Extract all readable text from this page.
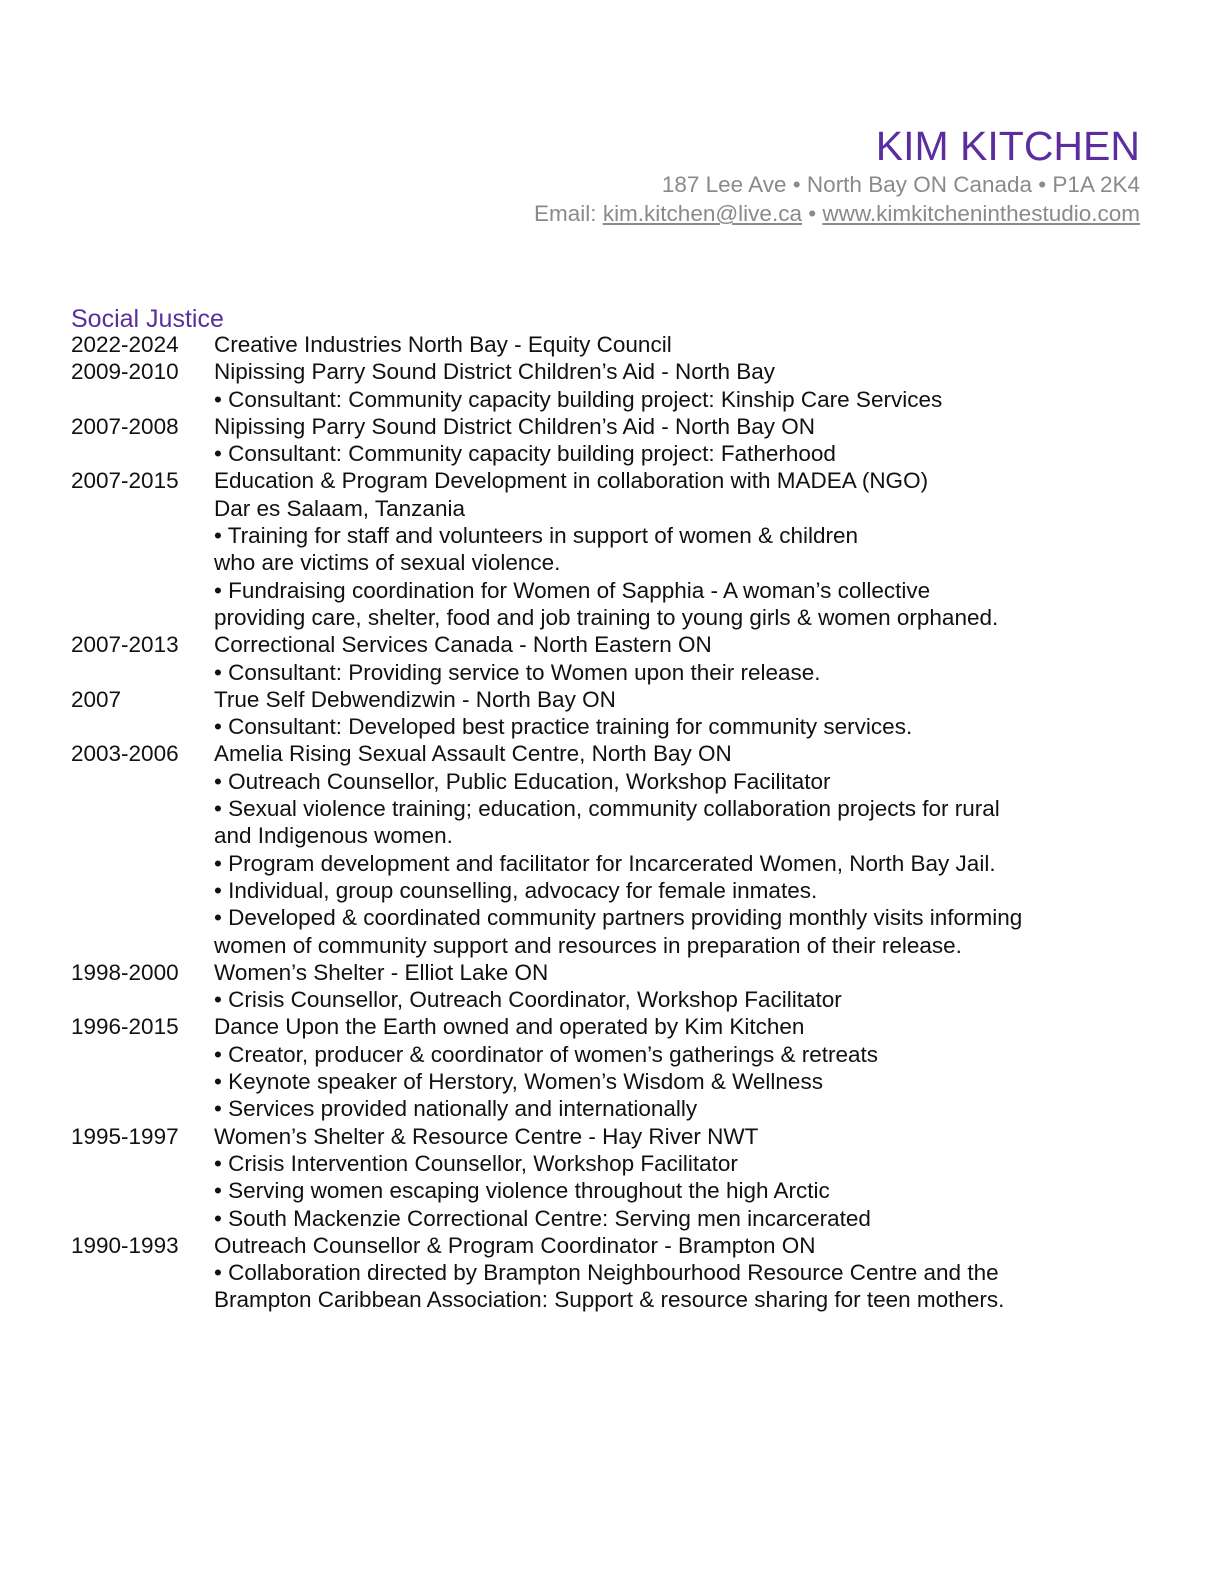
KIM KITCHEN
187 Lee Ave • North Bay ON Canada • P1A 2K4
Email: kim.kitchen@live.ca • www.kimkitcheninthestudio.com
Social Justice
2022-2024	Creative Industries North Bay - Equity Council
2009-2010	Nipissing Parry Sound District Children’s Aid - North Bay
• Consultant: Community capacity building project: Kinship Care Services
2007-2008	Nipissing Parry Sound District Children’s Aid - North Bay ON
• Consultant: Community capacity building project: Fatherhood
2007-2015	Education & Program Development in collaboration with MADEA (NGO)
Dar es Salaam, Tanzania
• Training for staff and volunteers in support of women & children
who are victims of sexual violence.
• Fundraising coordination for Women of Sapphia - A woman’s collective
providing care, shelter, food and job training to young girls & women orphaned.
2007-2013	Correctional Services Canada - North Eastern ON
• Consultant: Providing service to Women upon their release.
2007	True Self Debwendizwin - North Bay ON
• Consultant: Developed best practice training for community services.
2003-2006	Amelia Rising Sexual Assault Centre, North Bay ON
• Outreach Counsellor, Public Education, Workshop Facilitator
• Sexual violence training; education, community collaboration projects for rural
and Indigenous women.
• Program development and facilitator for Incarcerated Women, North Bay Jail.
• Individual, group counselling, advocacy for female inmates.
• Developed & coordinated community partners providing monthly visits informing
women of community support and resources in preparation of their release.
1998-2000	Women’s Shelter - Elliot Lake ON
• Crisis Counsellor, Outreach Coordinator, Workshop Facilitator
1996-2015	Dance Upon the Earth owned and operated by Kim Kitchen
• Creator, producer & coordinator of women’s gatherings & retreats
• Keynote speaker of Herstory, Women’s Wisdom & Wellness
• Services provided nationally and internationally
1995-1997	Women’s Shelter & Resource Centre - Hay River NWT
• Crisis Intervention Counsellor, Workshop Facilitator
• Serving women escaping violence throughout the high Arctic
• South Mackenzie Correctional Centre: Serving men incarcerated
1990-1993	Outreach Counsellor & Program Coordinator - Brampton ON
• Collaboration directed by Brampton Neighbourhood Resource Centre and the
Brampton Caribbean Association: Support & resource sharing for teen mothers.
